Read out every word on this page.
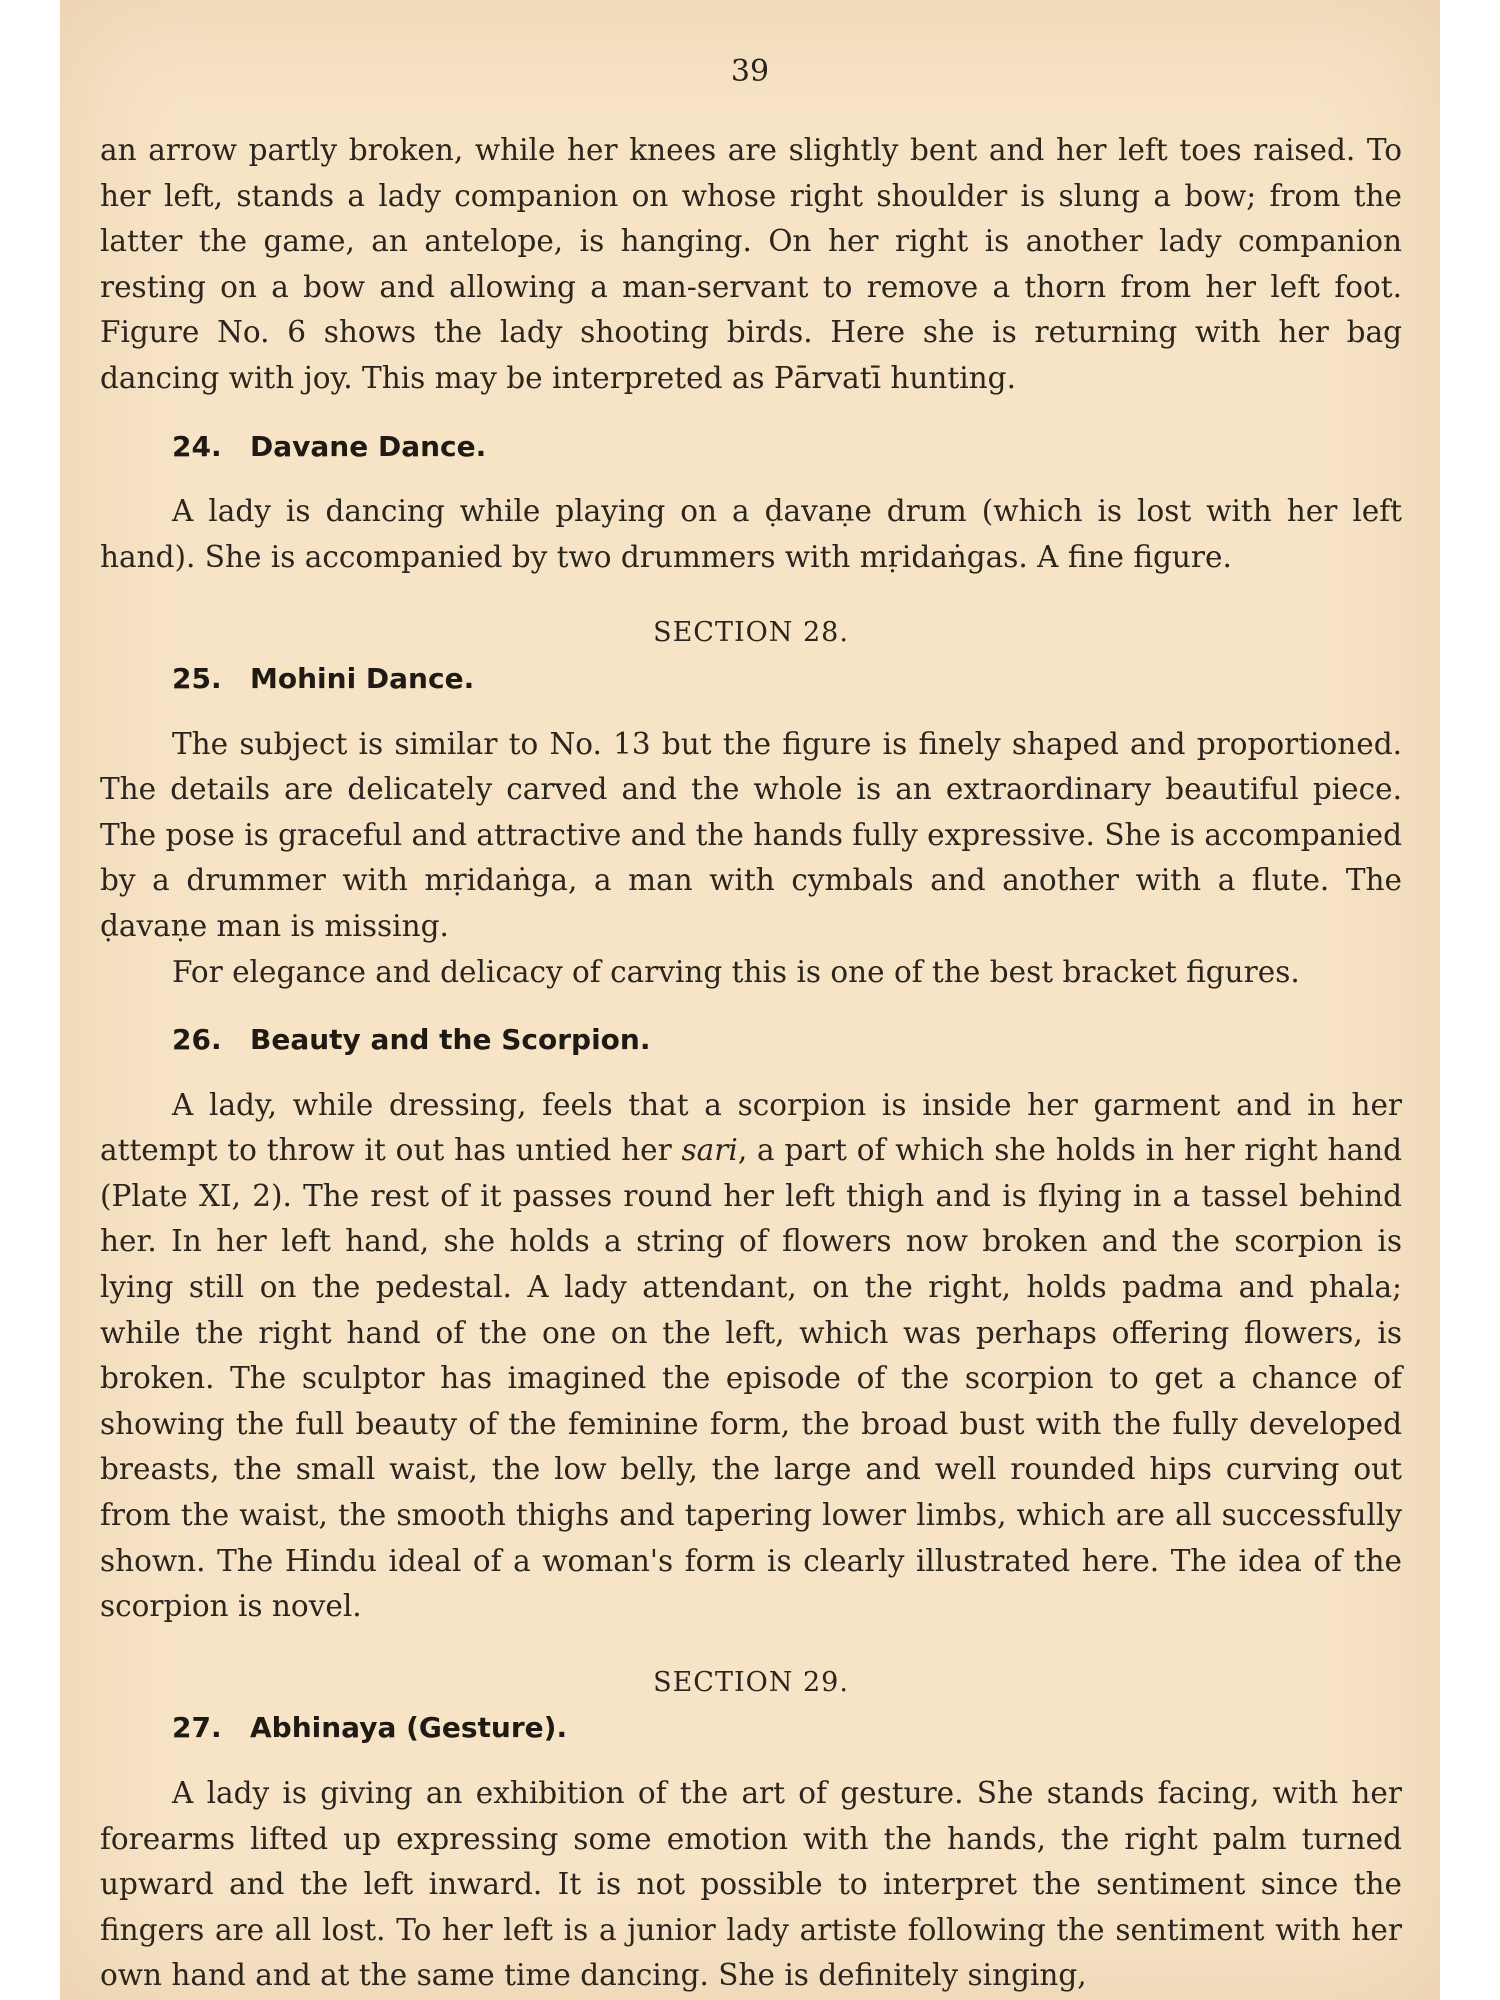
39

an arrow partly broken, while her knees are slightly bent and her left toes raised. To her left, stands a lady companion on whose right shoulder is slung a bow; from the latter the game, an antelope, is hanging. On her right is another lady companion resting on a bow and allowing a man-servant to remove a thorn from her left foot. Figure No. 6 shows the lady shooting birds. Here she is returning with her bag dancing with joy. This may be interpreted as Pārvatī hunting.

24. Davane Dance.

A lady is dancing while playing on a ḍavaṇe drum (which is lost with her left hand). She is accompanied by two drummers with mṛidaṅgas. A fine figure.

SECTION 28.
25. Mohini Dance.

The subject is similar to No. 13 but the figure is finely shaped and proportioned. The details are delicately carved and the whole is an extraordinary beautiful piece. The pose is graceful and attractive and the hands fully expressive. She is accompanied by a drummer with mṛidaṅga, a man with cymbals and another with a flute. The ḍavaṇe man is missing.

For elegance and delicacy of carving this is one of the best bracket figures.

26. Beauty and the Scorpion.

A lady, while dressing, feels that a scorpion is inside her garment and in her attempt to throw it out has untied her sari, a part of which she holds in her right hand (Plate XI, 2). The rest of it passes round her left thigh and is flying in a tassel behind her. In her left hand, she holds a string of flowers now broken and the scorpion is lying still on the pedestal. A lady attendant, on the right, holds padma and phala; while the right hand of the one on the left, which was perhaps offering flowers, is broken. The sculptor has imagined the episode of the scorpion to get a chance of showing the full beauty of the feminine form, the broad bust with the fully developed breasts, the small waist, the low belly, the large and well rounded hips curving out from the waist, the smooth thighs and tapering lower limbs, which are all successfully shown. The Hindu ideal of a woman's form is clearly illustrated here. The idea of the scorpion is novel.

SECTION 29.
27. Abhinaya (Gesture).

A lady is giving an exhibition of the art of gesture. She stands facing, with her forearms lifted up expressing some emotion with the hands, the right palm turned upward and the left inward. It is not possible to interpret the sentiment since the fingers are all lost. To her left is a junior lady artiste following the sentiment with her own hand and at the same time dancing. She is definitely singing,
